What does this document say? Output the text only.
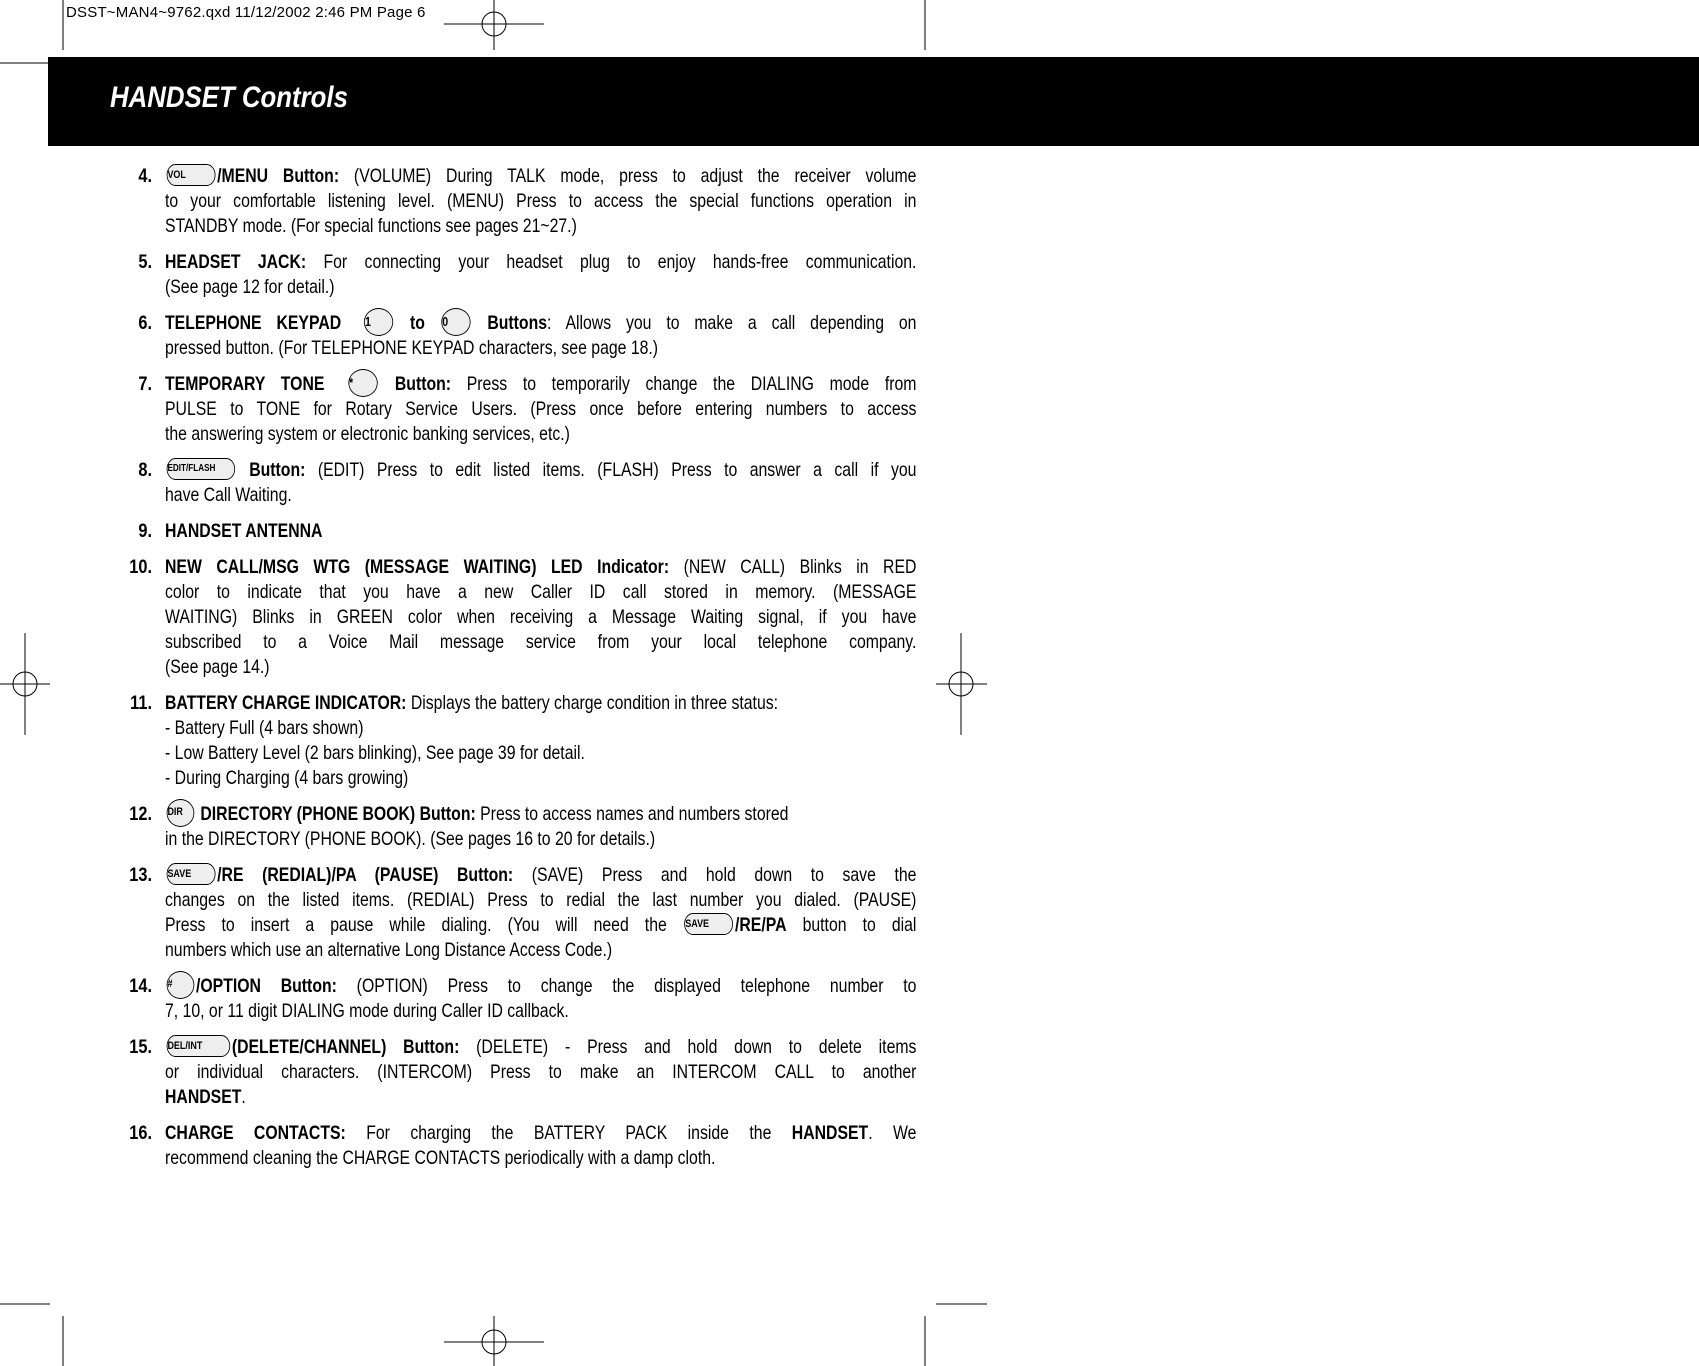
DSST~MAN4~9762.qxd 11/12/2002 2:46 PM Page 6
HANDSET Controls
4. VOL /MENU Button: (VOLUME) During TALK mode, press to adjust the receiver volume
to your comfortable listening level. (MENU) Press to access the special functions operation in
STANDBY mode. (For special functions see pages 21~27.)
5. HEADSET JACK: For connecting your headset plug to enjoy hands-free communication.
(See page 12 for detail.)
6. TELEPHONE KEYPAD 1 to 0 Buttons: Allows you to make a call depending on
pressed button. (For TELEPHONE KEYPAD characters, see page 18.)
7. TEMPORARY TONE * Button: Press to temporarily change the DIALING mode from
PULSE to TONE for Rotary Service Users. (Press once before entering numbers to access
the answering system or electronic banking services, etc.)
8. EDIT/FLASH Button: (EDIT) Press to edit listed items. (FLASH) Press to answer a call if you
have Call Waiting.
9. HANDSET ANTENNA
10. NEW CALL/MSG WTG (MESSAGE WAITING) LED Indicator: (NEW CALL) Blinks in RED
color to indicate that you have a new Caller ID call stored in memory. (MESSAGE
WAITING) Blinks in GREEN color when receiving a Message Waiting signal, if you have
subscribed to a Voice Mail message service from your local telephone company.
(See page 14.)
11. BATTERY CHARGE INDICATOR: Displays the battery charge condition in three status:
- Battery Full (4 bars shown)
- Low Battery Level (2 bars blinking), See page 39 for detail.
- During Charging (4 bars growing)
12. DIR DIRECTORY (PHONE BOOK) Button: Press to access names and numbers stored
in the DIRECTORY (PHONE BOOK). (See pages 16 to 20 for details.)
13. SAVE /RE (REDIAL)/PA (PAUSE) Button: (SAVE) Press and hold down to save the
changes on the listed items. (REDIAL) Press to redial the last number you dialed. (PAUSE)
Press to insert a pause while dialing. (You will need the SAVE /RE/PA button to dial
numbers which use an alternative Long Distance Access Code.)
14. # /OPTION Button: (OPTION) Press to change the displayed telephone number to
7, 10, or 11 digit DIALING mode during Caller ID callback.
15. DEL/INT (DELETE/CHANNEL) Button: (DELETE) - Press and hold down to delete items
or individual characters. (INTERCOM) Press to make an INTERCOM CALL to another
HANDSET.
16. CHARGE CONTACTS: For charging the BATTERY PACK inside the HANDSET. We
recommend cleaning the CHARGE CONTACTS periodically with a damp cloth.
